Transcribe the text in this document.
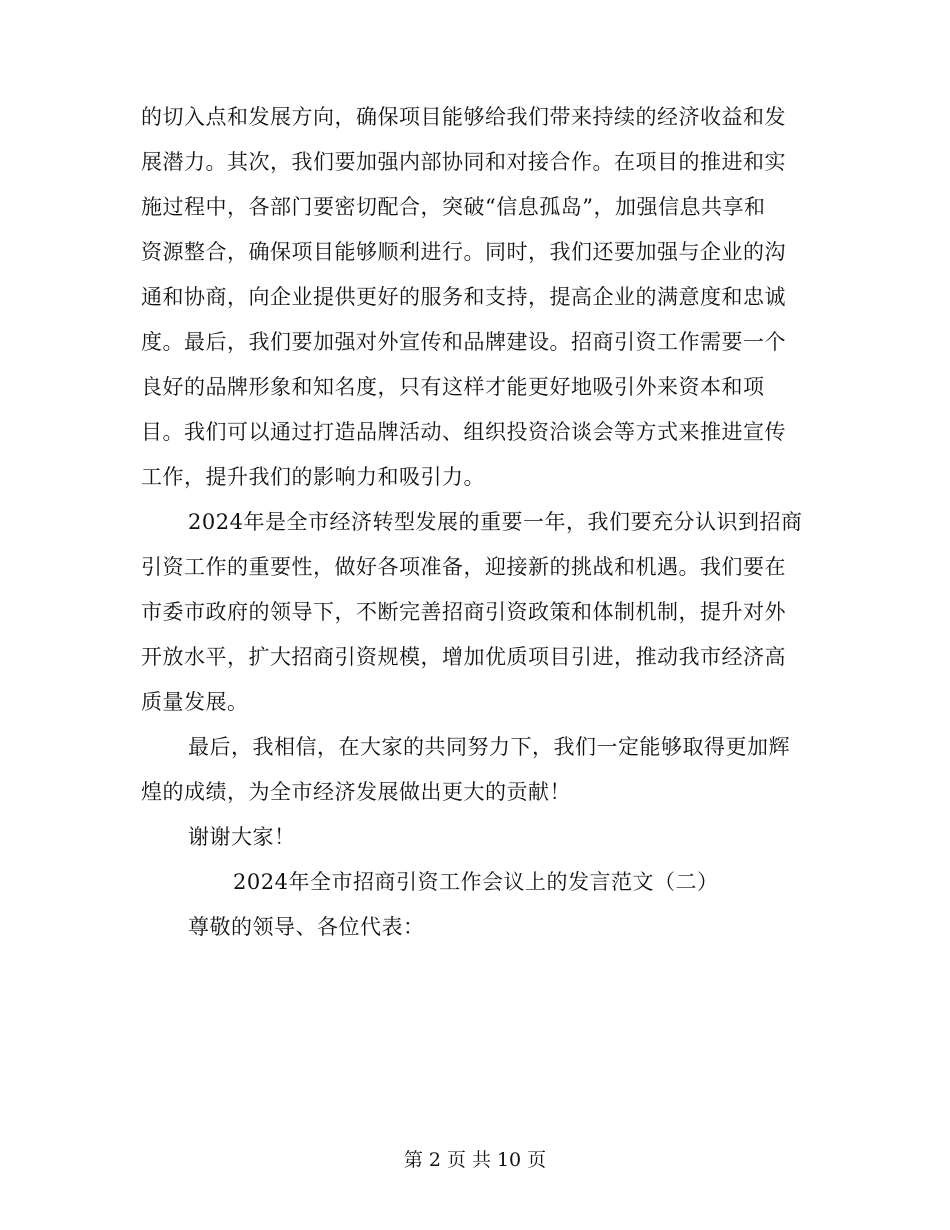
的切入点和发展方向，确保项目能够给我们带来持续的经济收益和发
展潜力。其次，我们要加强内部协同和对接合作。在项目的推进和实
施过程中，各部门要密切配合，突破“信息孤岛”，加强信息共享和
资源整合，确保项目能够顺利进行。同时，我们还要加强与企业的沟
通和协商，向企业提供更好的服务和支持，提高企业的满意度和忠诚
度。最后，我们要加强对外宣传和品牌建设。招商引资工作需要一个
良好的品牌形象和知名度，只有这样才能更好地吸引外来资本和项
目。我们可以通过打造品牌活动、组织投资洽谈会等方式来推进宣传
工作，提升我们的影响力和吸引力。
2024年是全市经济转型发展的重要一年，我们要充分认识到招商
引资工作的重要性，做好各项准备，迎接新的挑战和机遇。我们要在
市委市政府的领导下，不断完善招商引资政策和体制机制，提升对外
开放水平，扩大招商引资规模，增加优质项目引进，推动我市经济高
质量发展。
最后，我相信，在大家的共同努力下，我们一定能够取得更加辉
煌的成绩，为全市经济发展做出更大的贡献！
谢谢大家！
2024年全市招商引资工作会议上的发言范文（二）
尊敬的领导、各位代表：
第 2 页 共 10 页
